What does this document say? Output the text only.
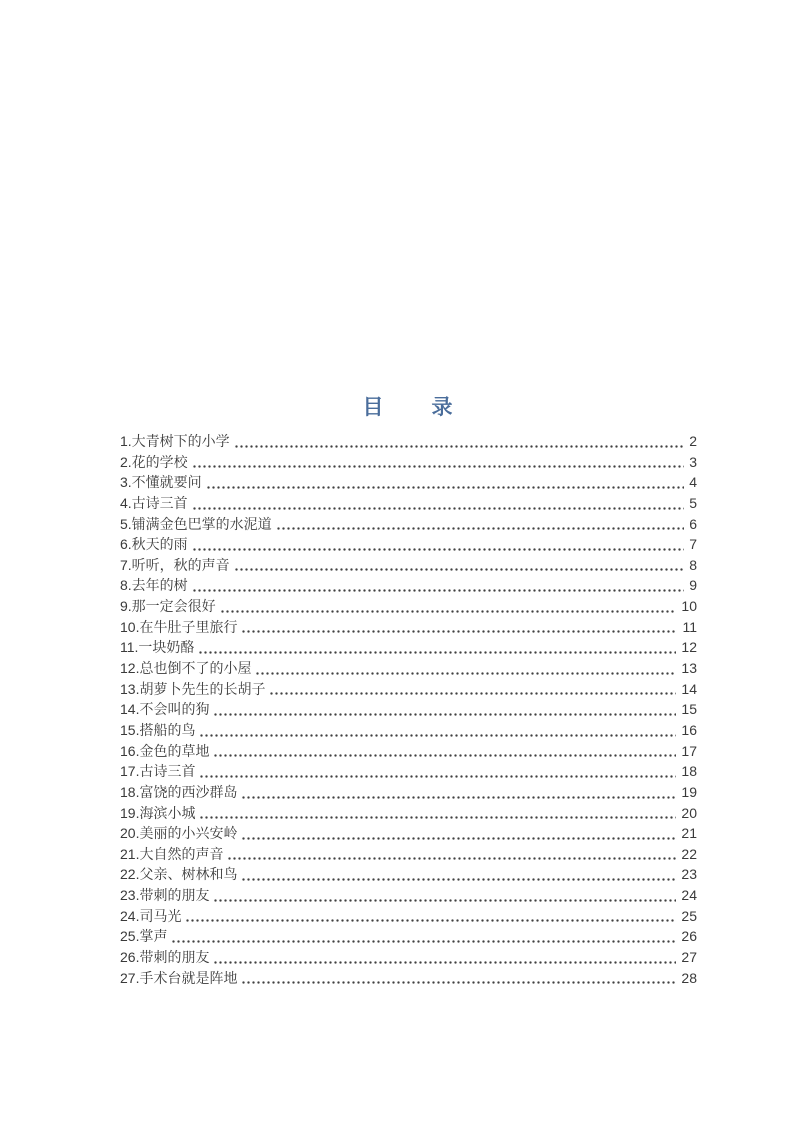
目　　录
1.大青树下的小学	2
2.花的学校	3
3.不懂就要问	4
4.古诗三首	5
5.铺满金色巴掌的水泥道	6
6.秋天的雨	7
7.听听，秋的声音	8
8.去年的树	9
9.那一定会很好	10
10.在牛肚子里旅行	11
11.一块奶酪	12
12.总也倒不了的小屋	13
13.胡萝卜先生的长胡子	14
14.不会叫的狗	15
15.搭船的鸟	16
16.金色的草地	17
17.古诗三首	18
18.富饶的西沙群岛	19
19.海滨小城	20
20.美丽的小兴安岭	21
21.大自然的声音	22
22.父亲、树林和鸟	23
23.带刺的朋友	24
24.司马光	25
25.掌声	26
26.带刺的朋友	27
27.手术台就是阵地	28
